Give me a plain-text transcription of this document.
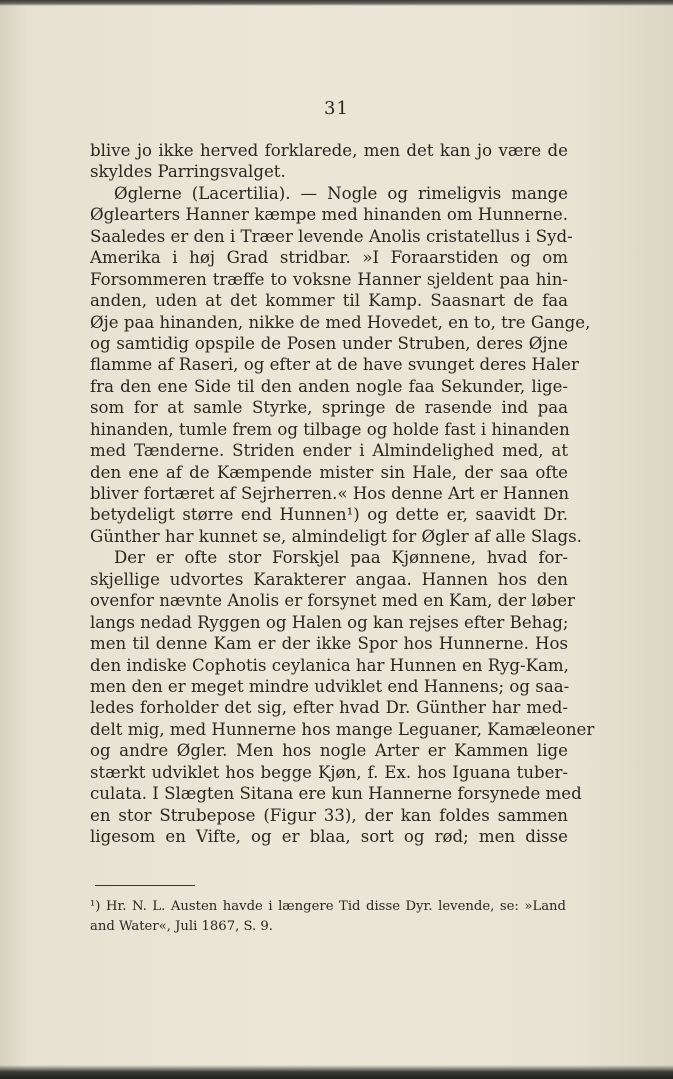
31
blive jo ikke herved forklarede, men det kan jo være de
skyldes Parringsvalget.
Øglerne (Lacertilia). — Nogle og rimeligvis mange
Øglearters Hanner kæmpe med hinanden om Hunnerne.
Saaledes er den i Træer levende Anolis cristatellus i Syd-
Amerika i høj Grad stridbar. »I Foraarstiden og om
Forsommeren træffe to voksne Hanner sjeldent paa hin-
anden, uden at det kommer til Kamp. Saasnart de faa
Øje paa hinanden, nikke de med Hovedet, en to, tre Gange,
og samtidig opspile de Posen under Struben, deres Øjne
flamme af Raseri, og efter at de have svunget deres Haler
fra den ene Side til den anden nogle faa Sekunder, lige-
som for at samle Styrke, springe de rasende ind paa
hinanden, tumle frem og tilbage og holde fast i hinanden
med Tænderne. Striden ender i Almindelighed med, at
den ene af de Kæmpende mister sin Hale, der saa ofte
bliver fortæret af Sejrherren.« Hos denne Art er Hannen
betydeligt større end Hunnen¹) og dette er, saavidt Dr.
Günther har kunnet se, almindeligt for Øgler af alle Slags.
Der er ofte stor Forskjel paa Kjønnene, hvad for-
skjellige udvortes Karakterer angaa. Hannen hos den
ovenfor nævnte Anolis er forsynet med en Kam, der løber
langs nedad Ryggen og Halen og kan rejses efter Behag;
men til denne Kam er der ikke Spor hos Hunnerne. Hos
den indiske Cophotis ceylanica har Hunnen en Ryg-Kam,
men den er meget mindre udviklet end Hannens; og saa-
ledes forholder det sig, efter hvad Dr. Günther har med-
delt mig, med Hunnerne hos mange Leguaner, Kamæleoner
og andre Øgler. Men hos nogle Arter er Kammen lige
stærkt udviklet hos begge Kjøn, f. Ex. hos Iguana tuber-
culata. I Slægten Sitana ere kun Hannerne forsynede med
en stor Strubepose (Figur 33), der kan foldes sammen
ligesom en Vifte, og er blaa, sort og rød; men disse
¹) Hr. N. L. Austen havde i længere Tid disse Dyr. levende, se: »Land
and Water«, Juli 1867, S. 9.
